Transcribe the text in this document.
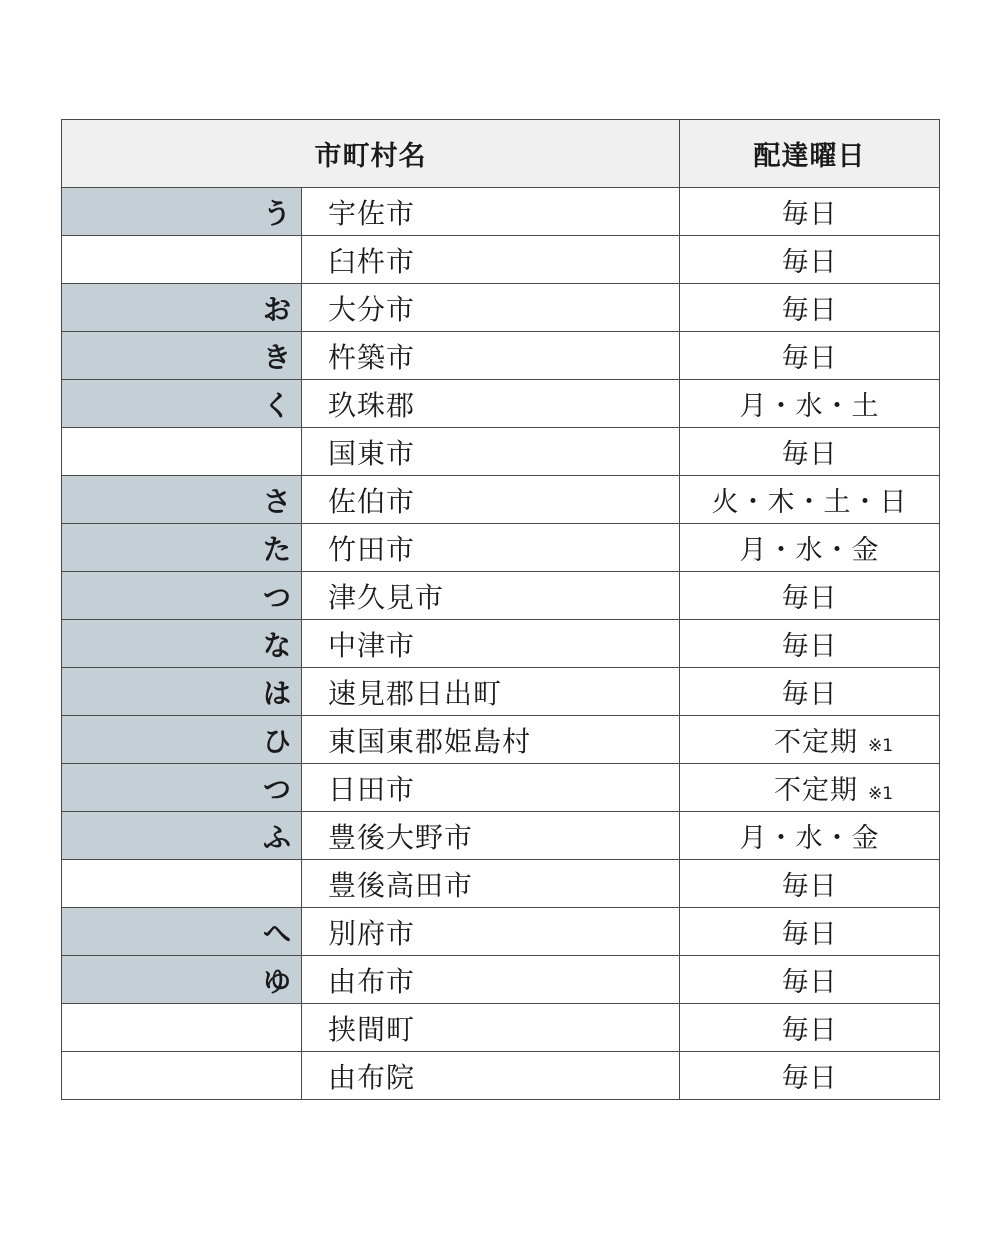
市町村名		配達曜日
う	宇佐市	毎日
	臼杵市	毎日
お	大分市	毎日
き	杵築市	毎日
く	玖珠郡	月・水・土
	国東市	毎日
さ	佐伯市	火・木・土・日
た	竹田市	月・水・金
つ	津久見市	毎日
な	中津市	毎日
は	速見郡日出町	毎日
ひ	東国東郡姫島村	不定期 ※1
つ	日田市	不定期 ※1
ふ	豊後大野市	月・水・金
	豊後高田市	毎日
へ	別府市	毎日
ゆ	由布市	毎日
	挟間町	毎日
	由布院	毎日
